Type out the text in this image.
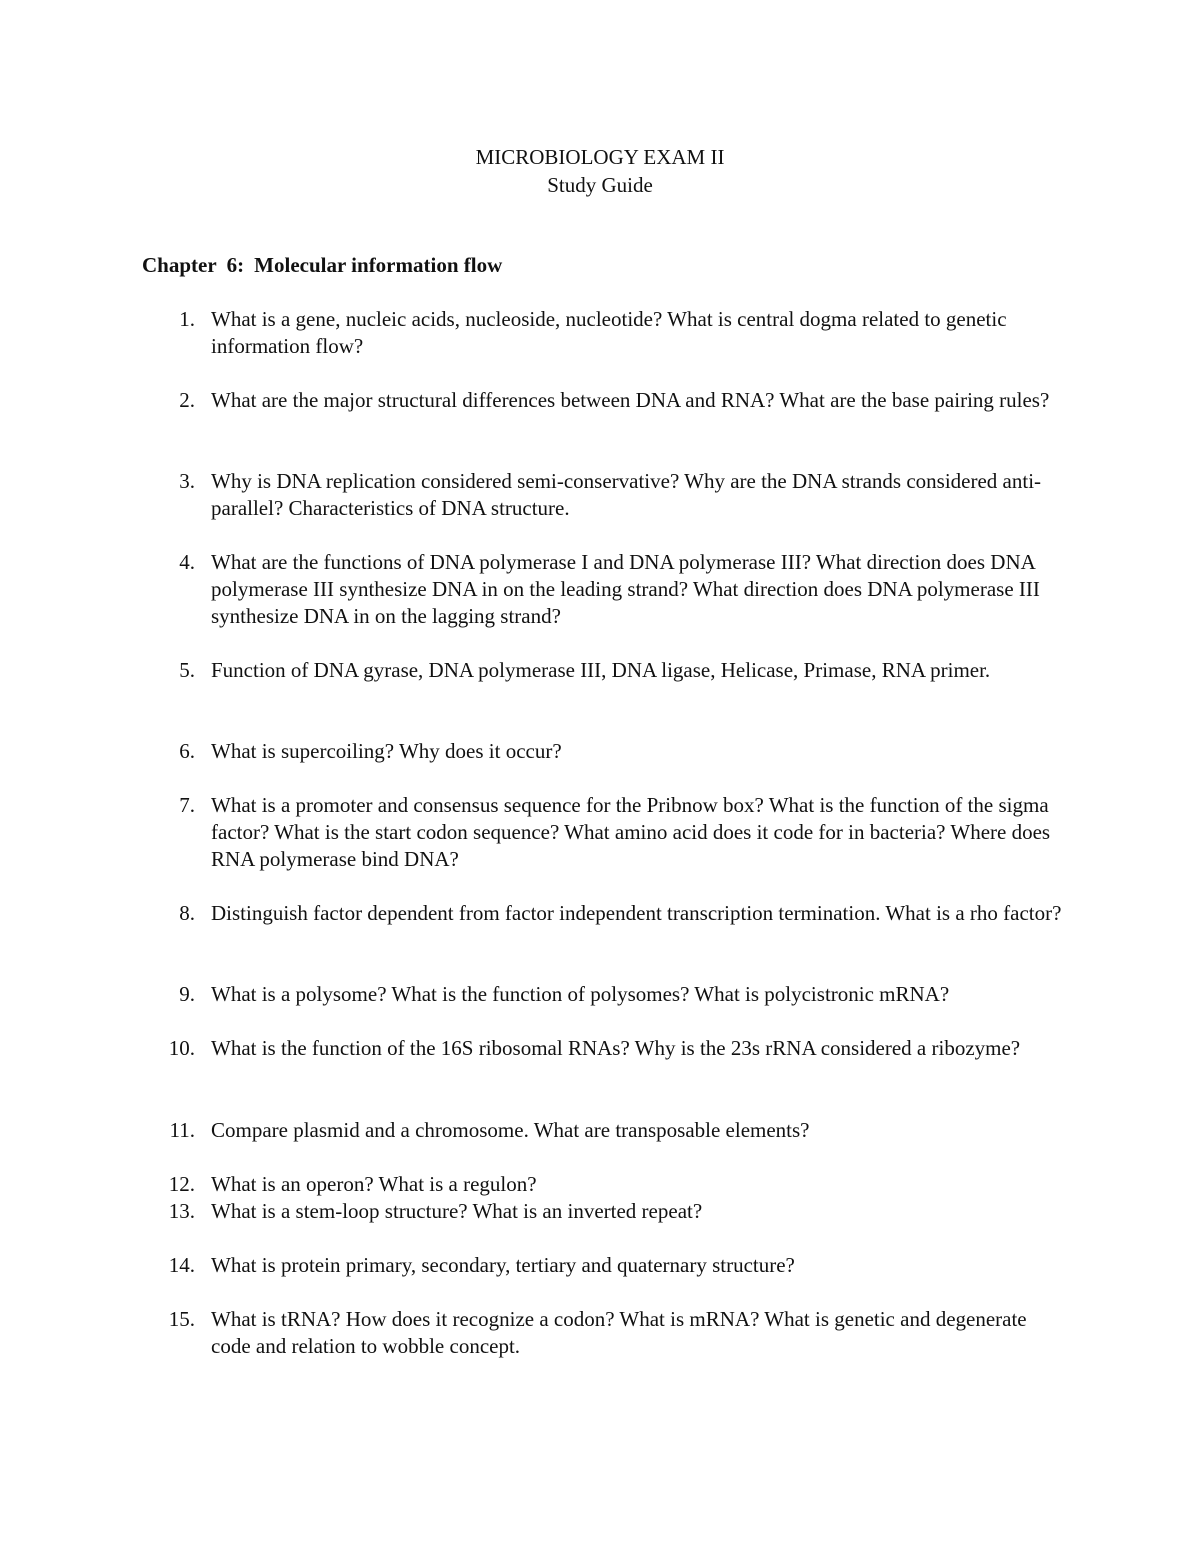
MICROBIOLOGY EXAM II
Study Guide
Chapter 6: Molecular information flow
1. What is a gene, nucleic acids, nucleoside, nucleotide? What is central dogma related to genetic information flow?
2. What are the major structural differences between DNA and RNA? What are the base pairing rules?
3. Why is DNA replication considered semi-conservative? Why are the DNA strands considered anti-parallel? Characteristics of DNA structure.
4. What are the functions of DNA polymerase I and DNA polymerase III? What direction does DNA polymerase III synthesize DNA in on the leading strand? What direction does DNA polymerase III synthesize DNA in on the lagging strand?
5. Function of DNA gyrase, DNA polymerase III, DNA ligase, Helicase, Primase, RNA primer.
6. What is supercoiling? Why does it occur?
7. What is a promoter and consensus sequence for the Pribnow box? What is the function of the sigma factor? What is the start codon sequence? What amino acid does it code for in bacteria? Where does RNA polymerase bind DNA?
8. Distinguish factor dependent from factor independent transcription termination. What is a rho factor?
9. What is a polysome? What is the function of polysomes? What is polycistronic mRNA?
10. What is the function of the 16S ribosomal RNAs? Why is the 23s rRNA considered a ribozyme?
11. Compare plasmid and a chromosome. What are transposable elements?
12. What is an operon? What is a regulon?
13. What is a stem-loop structure? What is an inverted repeat?
14. What is protein primary, secondary, tertiary and quaternary structure?
15. What is tRNA? How does it recognize a codon? What is mRNA? What is genetic and degenerate code and relation to wobble concept.
